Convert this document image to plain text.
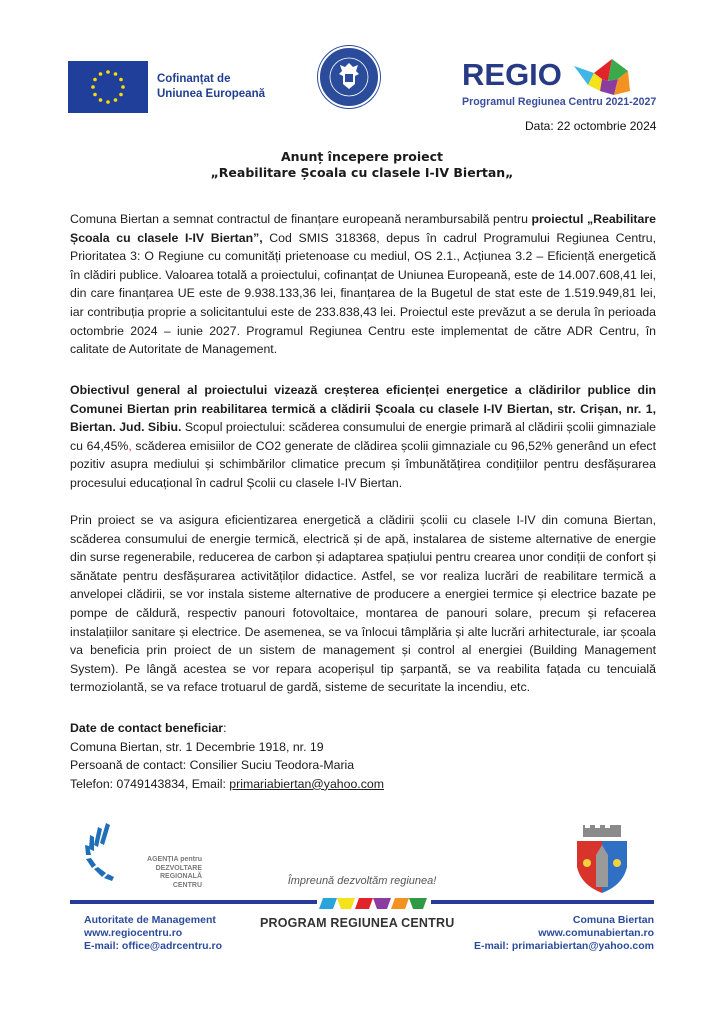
Cofinanțat de
Uniunea Europeană
REGIO
Programul Regiunea Centru 2021-2027
Data: 22 octombrie 2024
Anunț începere proiect
„Reabilitare Școala cu clasele I-IV Biertan„
Comuna Biertan a semnat contractul de finanțare europeană nerambursabilă pentru proiectul „Reabilitare Școala cu clasele I-IV Biertan”, Cod SMIS 318368, depus în cadrul Programului Regiunea Centru, Prioritatea 3: O Regiune cu comunități prietenoase cu mediul, OS 2.1., Acțiunea 3.2 – Eficiență energetică în clădiri publice. Valoarea totală a proiectului, cofinanțat de Uniunea Europeană, este de 14.007.608,41 lei, din care finanțarea UE este de 9.938.133,36 lei, finanțarea de la Bugetul de stat este de 1.519.949,81 lei, iar contribuția proprie a solicitantului este de 233.838,43 lei. Proiectul este prevăzut a se derula în perioada octombrie 2024 – iunie 2027. Programul Regiunea Centru este implementat de către ADR Centru, în calitate de Autoritate de Management.
Obiectivul general al proiectului vizează creșterea eficienței energetice a clădirilor publice din Comunei Biertan prin reabilitarea termică a clădirii Școala cu clasele I-IV Biertan, str. Crișan, nr. 1, Biertan. Jud. Sibiu. Scopul proiectului: scăderea consumului de energie primară al clădirii școlii gimnaziale cu 64,45%, scăderea emisiilor de CO2 generate de clădirea școlii gimnaziale cu 96,52% generând un efect pozitiv asupra mediului și schimbărilor climatice precum și îmbunătățirea condițiilor pentru desfășurarea procesului educațional în cadrul Școlii cu clasele I-IV Biertan.
Prin proiect se va asigura eficientizarea energetică a clădirii școlii cu clasele I-IV din comuna Biertan, scăderea consumului de energie termică, electrică și de apă, instalarea de sisteme alternative de energie din surse regenerabile, reducerea de carbon și adaptarea spațiului pentru crearea unor condiții de confort și sănătate pentru desfășurarea activităților didactice. Astfel, se vor realiza lucrări de reabilitare termică a anvelopei clădirii, se vor instala sisteme alternative de producere a energiei termice și electrice bazate pe pompe de căldură, respectiv panouri fotovoltaice, montarea de panouri solare, precum și refacerea instalațiilor sanitare și electrice. De asemenea, se va înlocui tâmplăria și alte lucrări arhitecturale, iar școala va beneficia prin proiect de un sistem de management și control al energiei (Building Management System). Pe lângă acestea se vor repara acoperișul tip șarpantă, se va reabilita fațada cu tencuială termoziolantă, se va reface trotuarul de gardă, sisteme de securitate la incendiu, etc.
Date de contact beneficiar:
Comuna Biertan, str. 1 Decembrie 1918, nr. 19
Persoană de contact: Consilier Suciu Teodora-Maria
Telefon: 0749143834, Email: primariabiertan@yahoo.com
AGENȚIA pentru
DEZVOLTARE
REGIONALĂ
CENTRU	Împreună dezvoltăm regiunea!
Autoritate de Management
www.regiocentru.ro
E-mail: office@adrcentru.ro
PROGRAM REGIUNEA CENTRU	Comuna Biertan
www.comunabiertan.ro
E-mail: primariabiertan@yahoo.com
